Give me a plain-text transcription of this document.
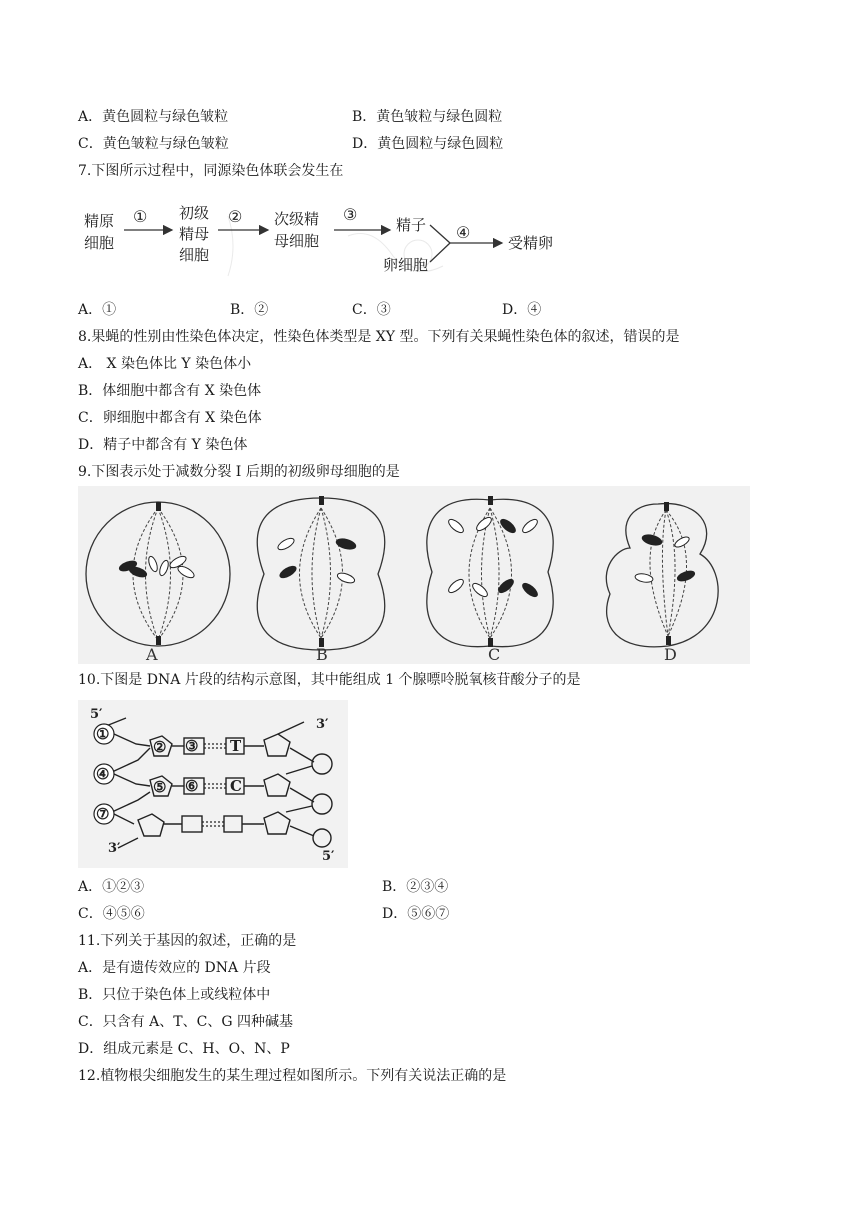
A．黄色圆粒与绿色皱粒	B．黄色皱粒与绿色圆粒
C．黄色皱粒与绿色皱粒	D．黄色圆粒与绿色圆粒
7.下图所示过程中，同源染色体联会发生在
精原
细胞
初级
精母
细胞
次级精
母细胞
精子
卵细胞
受精卵
①	②	③
④
A．①	B．②	C．③	D．④
8.果蝇的性别由性染色体决定，性染色体类型是 XY 型。下列有关果蝇性染色体的叙述，错误的是
A． X 染色体比 Y 染色体小
B．体细胞中都含有 X 染色体
C．卵细胞中都含有 X 染色体
D．精子中都含有 Y 染色体
9.下图表示处于减数分裂 I 后期的初级卵母细胞的是
A	B	C	D
10.下图是 DNA 片段的结构示意图，其中能组成 1 个腺嘌呤脱氧核苷酸分子的是
5′
3′
3′
5′
①
② ③
④
⑤ ⑥
⑦
T
C
A．①②③	B．②③④
C．④⑤⑥	D．⑤⑥⑦
11.下列关于基因的叙述，正确的是
A．是有遗传效应的 DNA 片段
B．只位于染色体上或线粒体中
C．只含有 A、T、C、G 四种碱基
D．组成元素是 C、H、O、N、P
12.植物根尖细胞发生的某生理过程如图所示。下列有关说法正确的是
